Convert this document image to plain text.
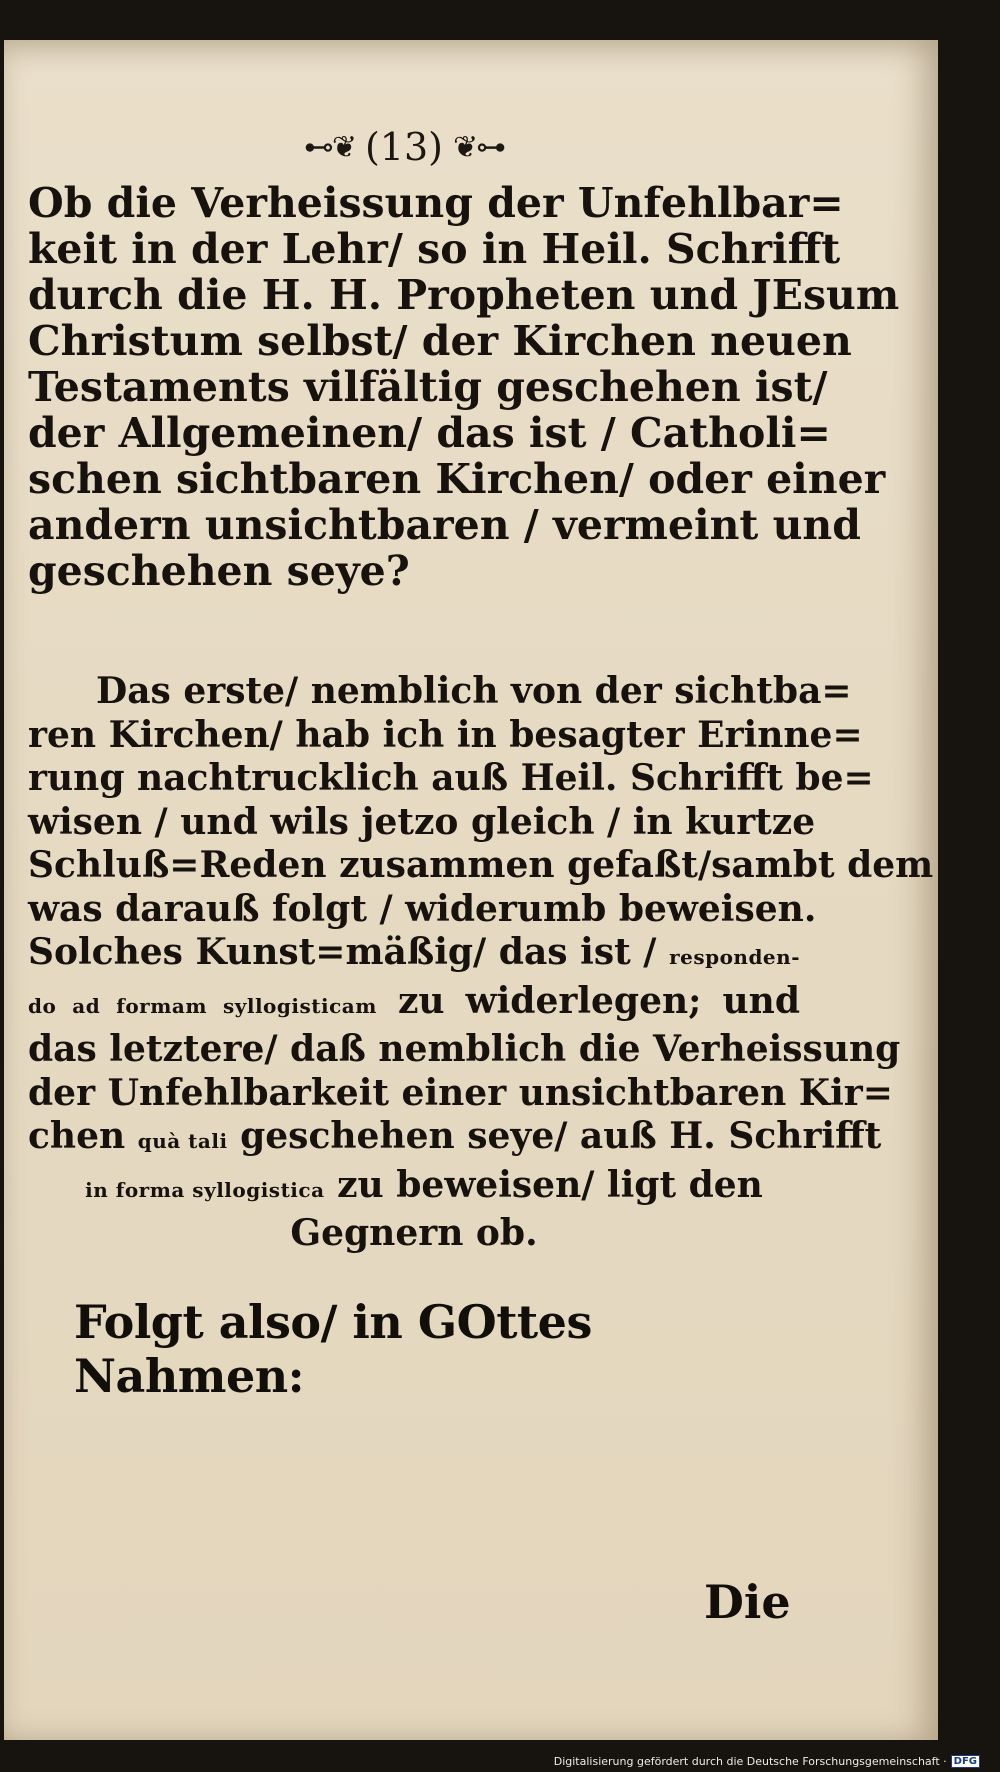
⊷❦ (13) ❦⊶
Ob die Verheissung der Unfehlbar=
keit in der Lehr/ so in Heil. Schrifft
durch die H. H. Propheten und JEsum
Christum selbst/ der Kirchen neuen
Testaments vilfältig geschehen ist/
der Allgemeinen/ das ist / Catholi=
schen sichtbaren Kirchen/ oder einer
andern unsichtbaren / vermeint und
geschehen seye?
Das erste/ nemblich von der sichtba=
ren Kirchen/ hab ich in besagter Erinne=
rung nachtrucklich auß Heil. Schrifft be=
wisen / und wils jetzo gleich / in kurtze
Schluß=Reden zusammen gefaßt/sambt dem
was darauß folgt / widerumb beweisen.
Solches Kunst=mäßig/ das ist / responden-
do ad formam syllogisticam zu widerlegen; und
das letztere/ daß nemblich die Verheissung
der Unfehlbarkeit einer unsichtbaren Kir=
chen quà tali geschehen seye/ auß H. Schrifft
in forma syllogistica zu beweisen/ ligt den
Gegnern ob.
Folgt also/ in GOttes Nahmen:
Die
Digitalisierung gefördert durch die Deutsche Forschungsgemeinschaft · DFG
